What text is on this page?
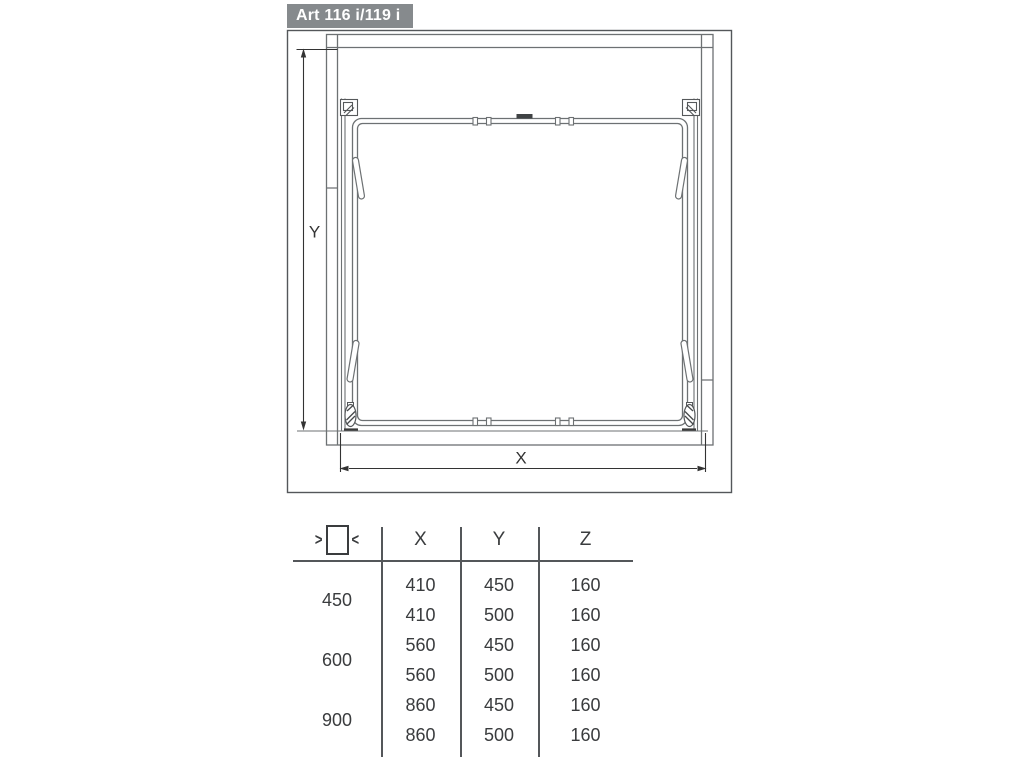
Y
X
Art 116 i/119 i
> <	X	Y	Z
450
410	450	160
410	500	160
600
560	450	160
560	500	160
900
860	450	160
860	500	160
